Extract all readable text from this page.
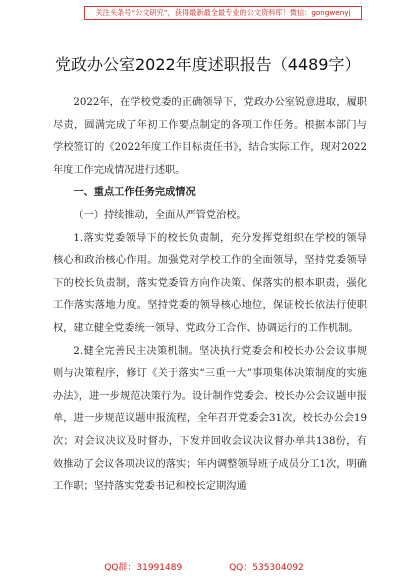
关注头条号“公文研究”，获得最新最全最专业的公文资料库！微信：gongwenyj
党政办公室2022年度述职报告（4489字）

2022年，在学校党委的正确领导下，党政办公室锐意进取，履职尽责，圆满完成了年初工作要点制定的各项工作任务。根据本部门与学校签订的《2022年度工作目标责任书》，结合实际工作，现对2022年度工作完成情况进行述职。

一、重点工作任务完成情况

（一）持续推动，全面从严管党治校。

1.落实党委领导下的校长负责制，充分发挥党组织在学校的领导核心和政治核心作用。加强党对学校工作的全面领导，坚持党委领导下的校长负责制，落实党委管方向作决策、保落实的根本职责，强化工作落实落地力度。坚持党委的领导核心地位，保证校长依法行使职权，建立健全党委统一领导、党政分工合作、协调运行的工作机制。

2.健全完善民主决策机制。坚决执行党委会和校长办公会议事规则与决策程序，修订《关于落实“三重一大”事项集体决策制度的实施办法》，进一步规范决策行为。设计制作党委会、校长办公会议题申报单，进一步规范议题申报流程，全年召开党委会31次，校长办公会19次；对会议决议及时督办，下发并回收会议决议督办单共138份，有效推动了会议各项决议的落实；年内调整领导班子成员分工1次，明确工作职；坚持落实党委书记和校长定期沟通

QQ群：31991489	QQ：535304092
